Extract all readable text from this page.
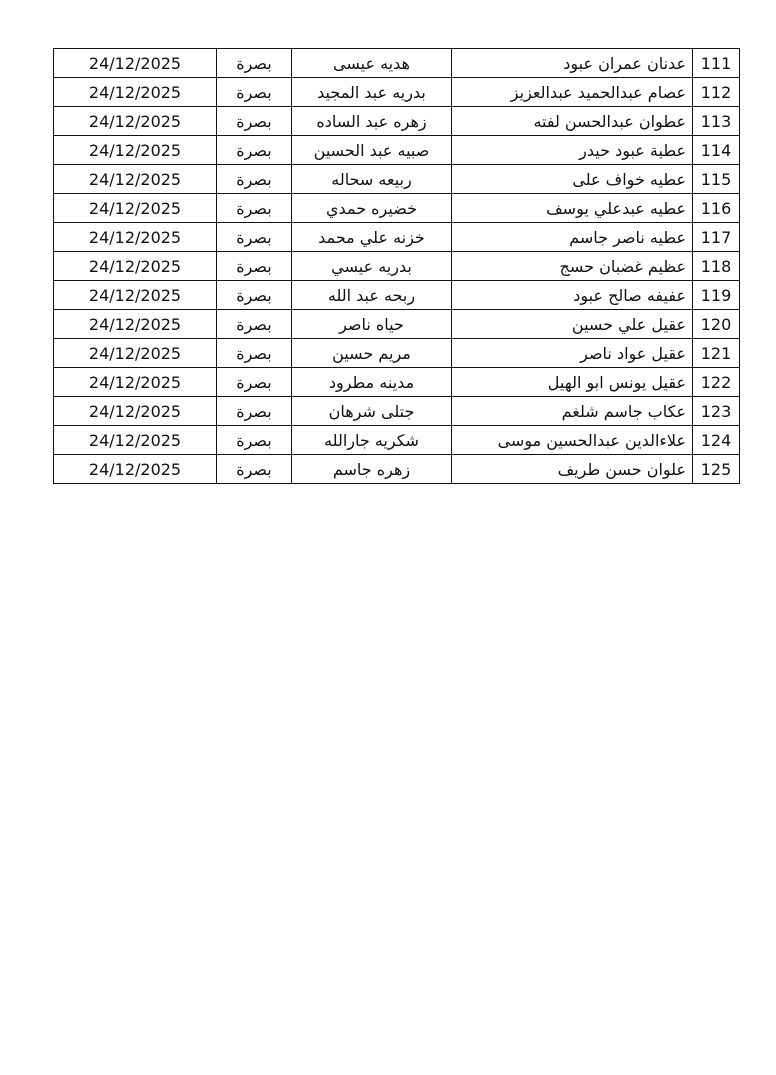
24/12/2025	بصرة	هديه عيسى	عدنان عمران عبود	111
24/12/2025	بصرة	بدريه عبد المجيد	عصام عبدالحميد عبدالعزيز	112
24/12/2025	بصرة	زهره عبد الساده	عطوان عبدالحسن لفته	113
24/12/2025	بصرة	صبيه عبد الحسين	عطية عبود حيدر	114
24/12/2025	بصرة	ربيعه سحاله	عطيه خواف على	115
24/12/2025	بصرة	خضيره حمدي	عطيه عبدعلي يوسف	116
24/12/2025	بصرة	خزنه علي محمد	عطيه ناصر جاسم	117
24/12/2025	بصرة	بدريه عيسي	عظيم غضبان حسج	118
24/12/2025	بصرة	ربحه عبد الله	عفيفه صالح عبود	119
24/12/2025	بصرة	حياه ناصر	عقيل علي حسين	120
24/12/2025	بصرة	مريم حسين	عقيل عواد ناصر	121
24/12/2025	بصرة	مدينه مطرود	عقيل يونس ابو الهيل	122
24/12/2025	بصرة	جتلى شرهان	عكاب جاسم شلغم	123
24/12/2025	بصرة	شكريه جارالله	علاءالدين عبدالحسين موسى	124
24/12/2025	بصرة	زهره جاسم	علوان حسن طريف	125
